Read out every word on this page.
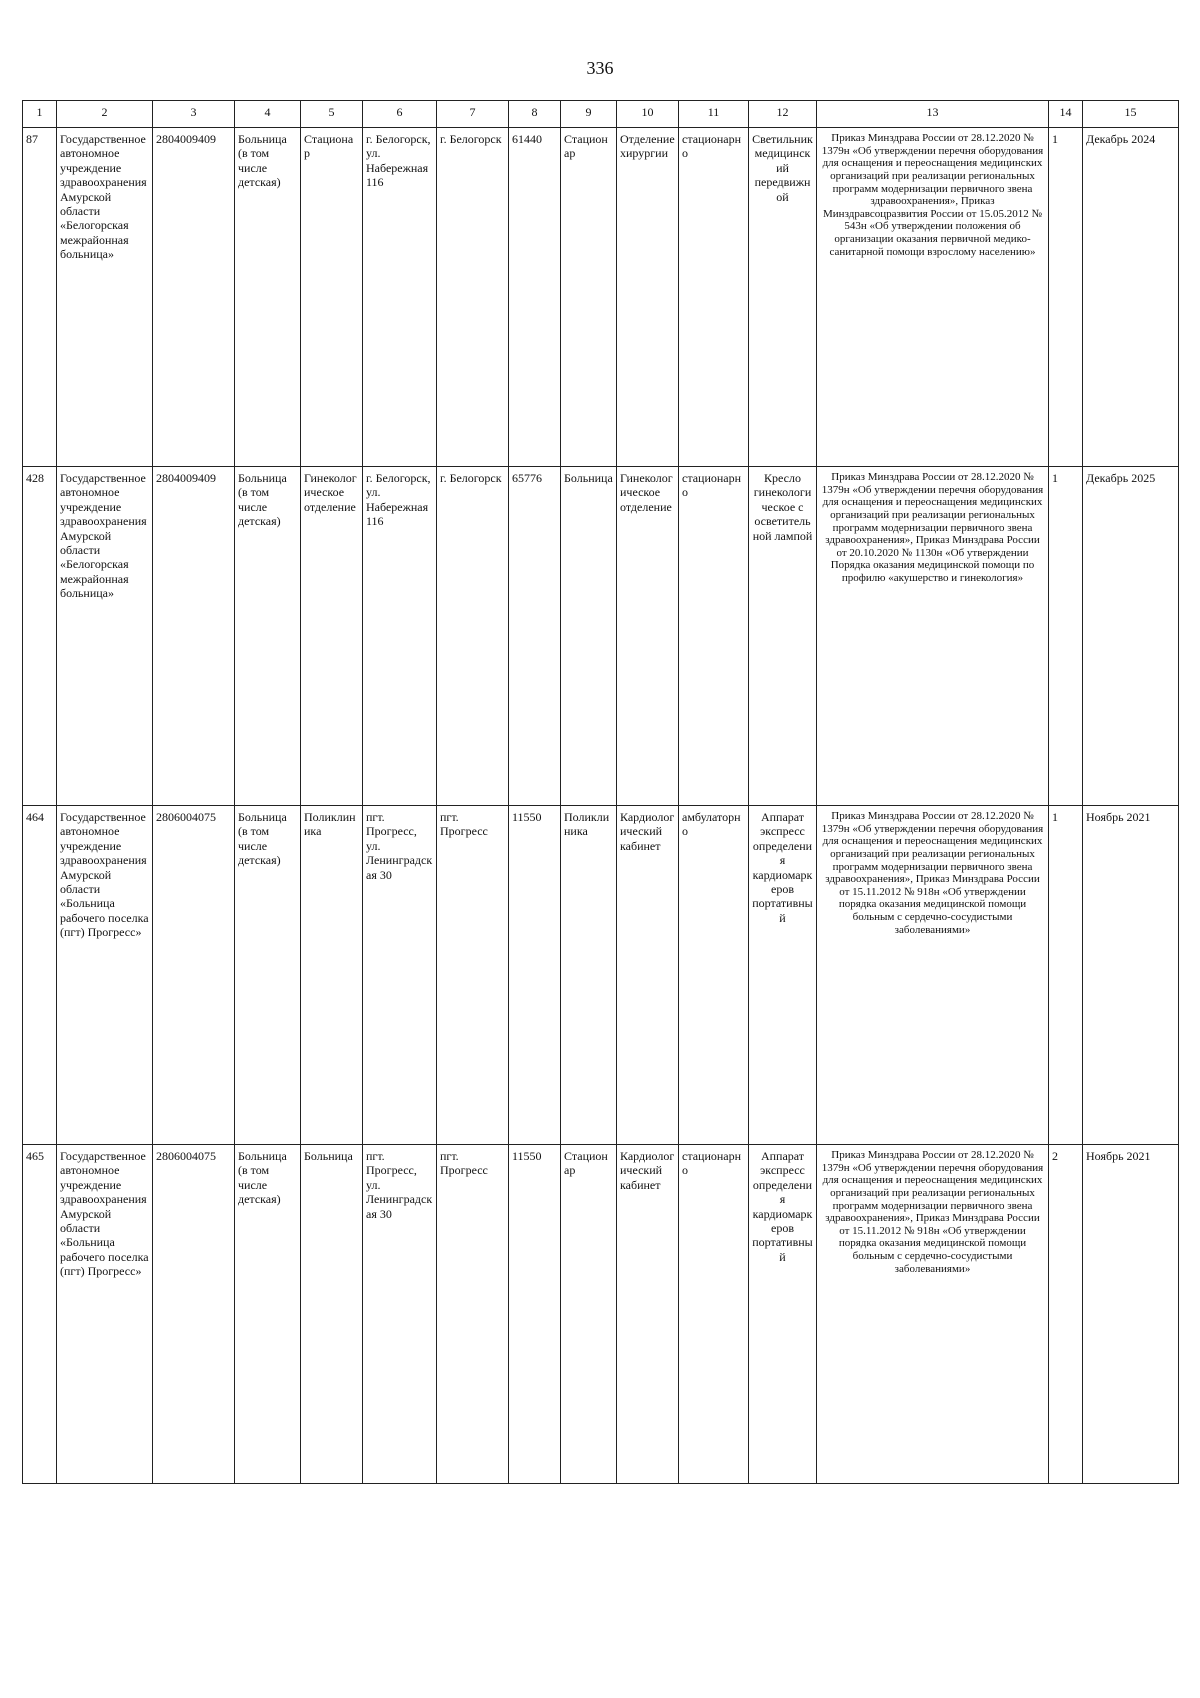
336
1	2	3	4	5	6	7	8	9	10	11	12	13	14	15
87	Государственное автономное учреждение здравоохранения Амурской области «Белогорская межрайонная больница»	2804009409	Больница (в том числе детская)	Стационар	г. Белогорск, ул. Набережная 116	г. Белогорск	61440	Стационар	Отделение хирургии	стационарно	Светильник медицинский передвижной	Приказ Минздрава России от 28.12.2020 № 1379н «Об утверждении перечня оборудования для оснащения и переоснащения медицинских организаций при реализации региональных программ модернизации первичного звена здравоохранения», Приказ Минздравсоцразвития России от 15.05.2012 № 543н «Об утверждении положения об организации оказания первичной медико-санитарной помощи взрослому населению»	1	Декабрь 2024
428	Государственное автономное учреждение здравоохранения Амурской области «Белогорская межрайонная больница»	2804009409	Больница (в том числе детская)	Гинекологическое отделение	г. Белогорск, ул. Набережная 116	г. Белогорск	65776	Больница	Гинекологическое отделение	стационарно	Кресло гинекологическое с осветительной лампой	Приказ Минздрава России от 28.12.2020 № 1379н «Об утверждении перечня оборудования для оснащения и переоснащения медицинских организаций при реализации региональных программ модернизации первичного звена здравоохранения», Приказ Минздрава России от 20.10.2020 № 1130н «Об утверждении Порядка оказания медицинской помощи по профилю «акушерство и гинекология»	1	Декабрь 2025
464	Государственное автономное учреждение здравоохранения Амурской области «Больница рабочего поселка (пгт) Прогресс»	2806004075	Больница (в том числе детская)	Поликлиника	пгт. Прогресс, ул. Ленинградская 30	пгт. Прогресс	11550	Поликлиника	Кардиологический кабинет	амбулаторно	Аппарат экспресс определения кардиомаркеров портативный	Приказ Минздрава России от 28.12.2020 № 1379н «Об утверждении перечня оборудования для оснащения и переоснащения медицинских организаций при реализации региональных программ модернизации первичного звена здравоохранения», Приказ Минздрава России от 15.11.2012 № 918н «Об утверждении порядка оказания медицинской помощи больным с сердечно-сосудистыми заболеваниями»	1	Ноябрь 2021
465	Государственное автономное учреждение здравоохранения Амурской области «Больница рабочего поселка (пгт) Прогресс»	2806004075	Больница (в том числе детская)	Больница	пгт. Прогресс, ул. Ленинградская 30	пгт. Прогресс	11550	Стационар	Кардиологический кабинет	стационарно	Аппарат экспресс определения кардиомаркеров портативный	Приказ Минздрава России от 28.12.2020 № 1379н «Об утверждении перечня оборудования для оснащения и переоснащения медицинских организаций при реализации региональных программ модернизации первичного звена здравоохранения», Приказ Минздрава России от 15.11.2012 № 918н «Об утверждении порядка оказания медицинской помощи больным с сердечно-сосудистыми заболеваниями»	2	Ноябрь 2021
